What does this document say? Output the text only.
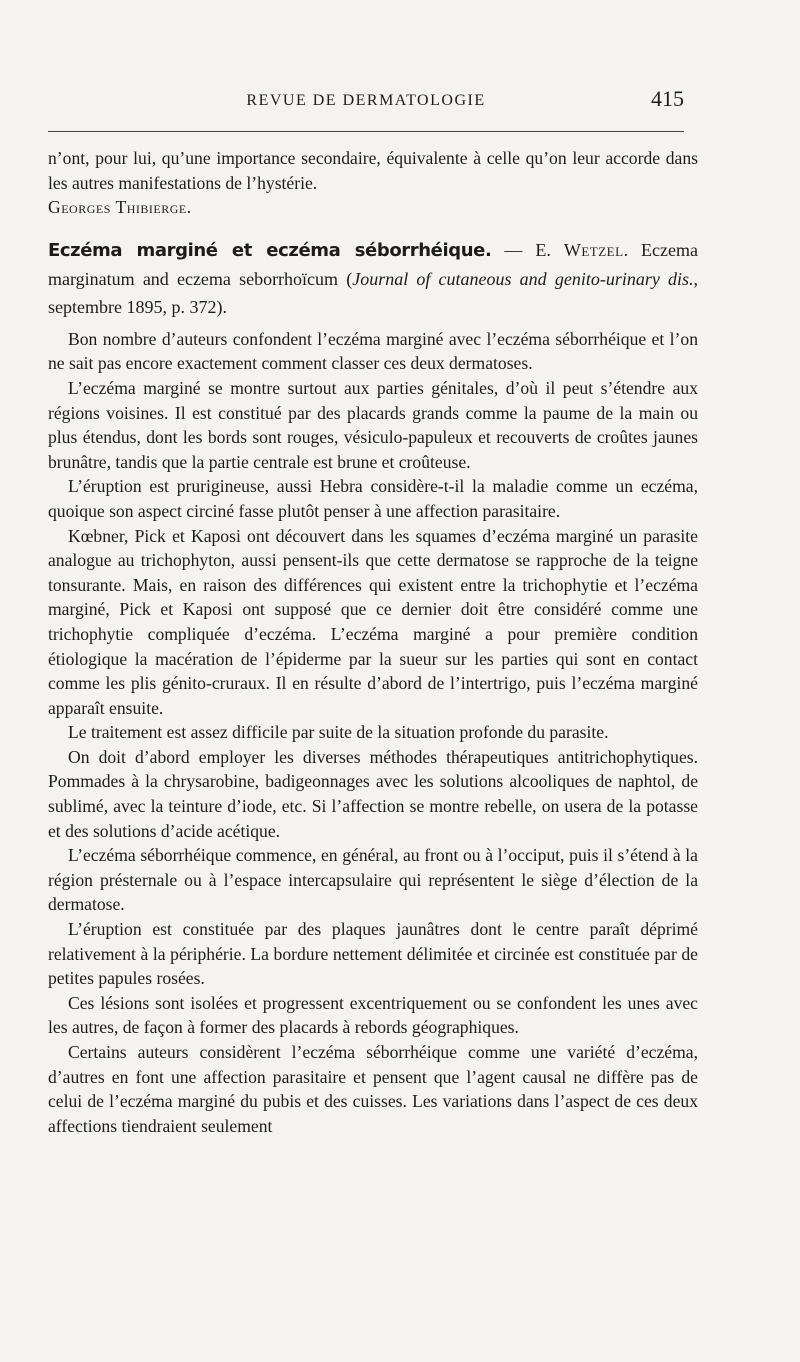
REVUE DE DERMATOLOGIE	415

n’ont, pour lui, qu’une importance secondaire, équivalente à celle qu’on leur accorde dans les autres manifestations de l’hystérie.

Georges Thibierge.

Eczéma marginé et eczéma séborrhéique. — E. Wetzel. Eczema marginatum and eczema seborrhoïcum (Journal of cutaneous and genito-urinary dis., septembre 1895, p. 372).

Bon nombre d’auteurs confondent l’eczéma marginé avec l’eczéma séborrhéique et l’on ne sait pas encore exactement comment classer ces deux dermatoses.

L’eczéma marginé se montre surtout aux parties génitales, d’où il peut s’étendre aux régions voisines. Il est constitué par des placards grands comme la paume de la main ou plus étendus, dont les bords sont rouges, vésiculo-papuleux et recouverts de croûtes jaunes brunâtre, tandis que la partie centrale est brune et croûteuse.

L’éruption est prurigineuse, aussi Hebra considère-t-il la maladie comme un eczéma, quoique son aspect circiné fasse plutôt penser à une affection parasitaire.

Kœbner, Pick et Kaposi ont découvert dans les squames d’eczéma marginé un parasite analogue au trichophyton, aussi pensent-ils que cette dermatose se rapproche de la teigne tonsurante. Mais, en raison des différences qui existent entre la trichophytie et l’eczéma marginé, Pick et Kaposi ont supposé que ce dernier doit être considéré comme une trichophytie compliquée d’eczéma. L’eczéma marginé a pour première condition étiologique la macération de l’épiderme par la sueur sur les parties qui sont en contact comme les plis génito-cruraux. Il en résulte d’abord de l’intertrigo, puis l’eczéma marginé apparaît ensuite.

Le traitement est assez difficile par suite de la situation profonde du parasite.

On doit d’abord employer les diverses méthodes thérapeutiques antitrichophytiques. Pommades à la chrysarobine, badigeonnages avec les solutions alcooliques de naphtol, de sublimé, avec la teinture d’iode, etc. Si l’affection se montre rebelle, on usera de la potasse et des solutions d’acide acétique.

L’eczéma séborrhéique commence, en général, au front ou à l’occiput, puis il s’étend à la région présternale ou à l’espace intercapsulaire qui représentent le siège d’élection de la dermatose.

L’éruption est constituée par des plaques jaunâtres dont le centre paraît déprimé relativement à la périphérie. La bordure nettement délimitée et circinée est constituée par de petites papules rosées.

Ces lésions sont isolées et progressent excentriquement ou se confondent les unes avec les autres, de façon à former des placards à rebords géographiques.

Certains auteurs considèrent l’eczéma séborrhéique comme une variété d’eczéma, d’autres en font une affection parasitaire et pensent que l’agent causal ne diffère pas de celui de l’eczéma marginé du pubis et des cuisses. Les variations dans l’aspect de ces deux affections tiendraient seulement
